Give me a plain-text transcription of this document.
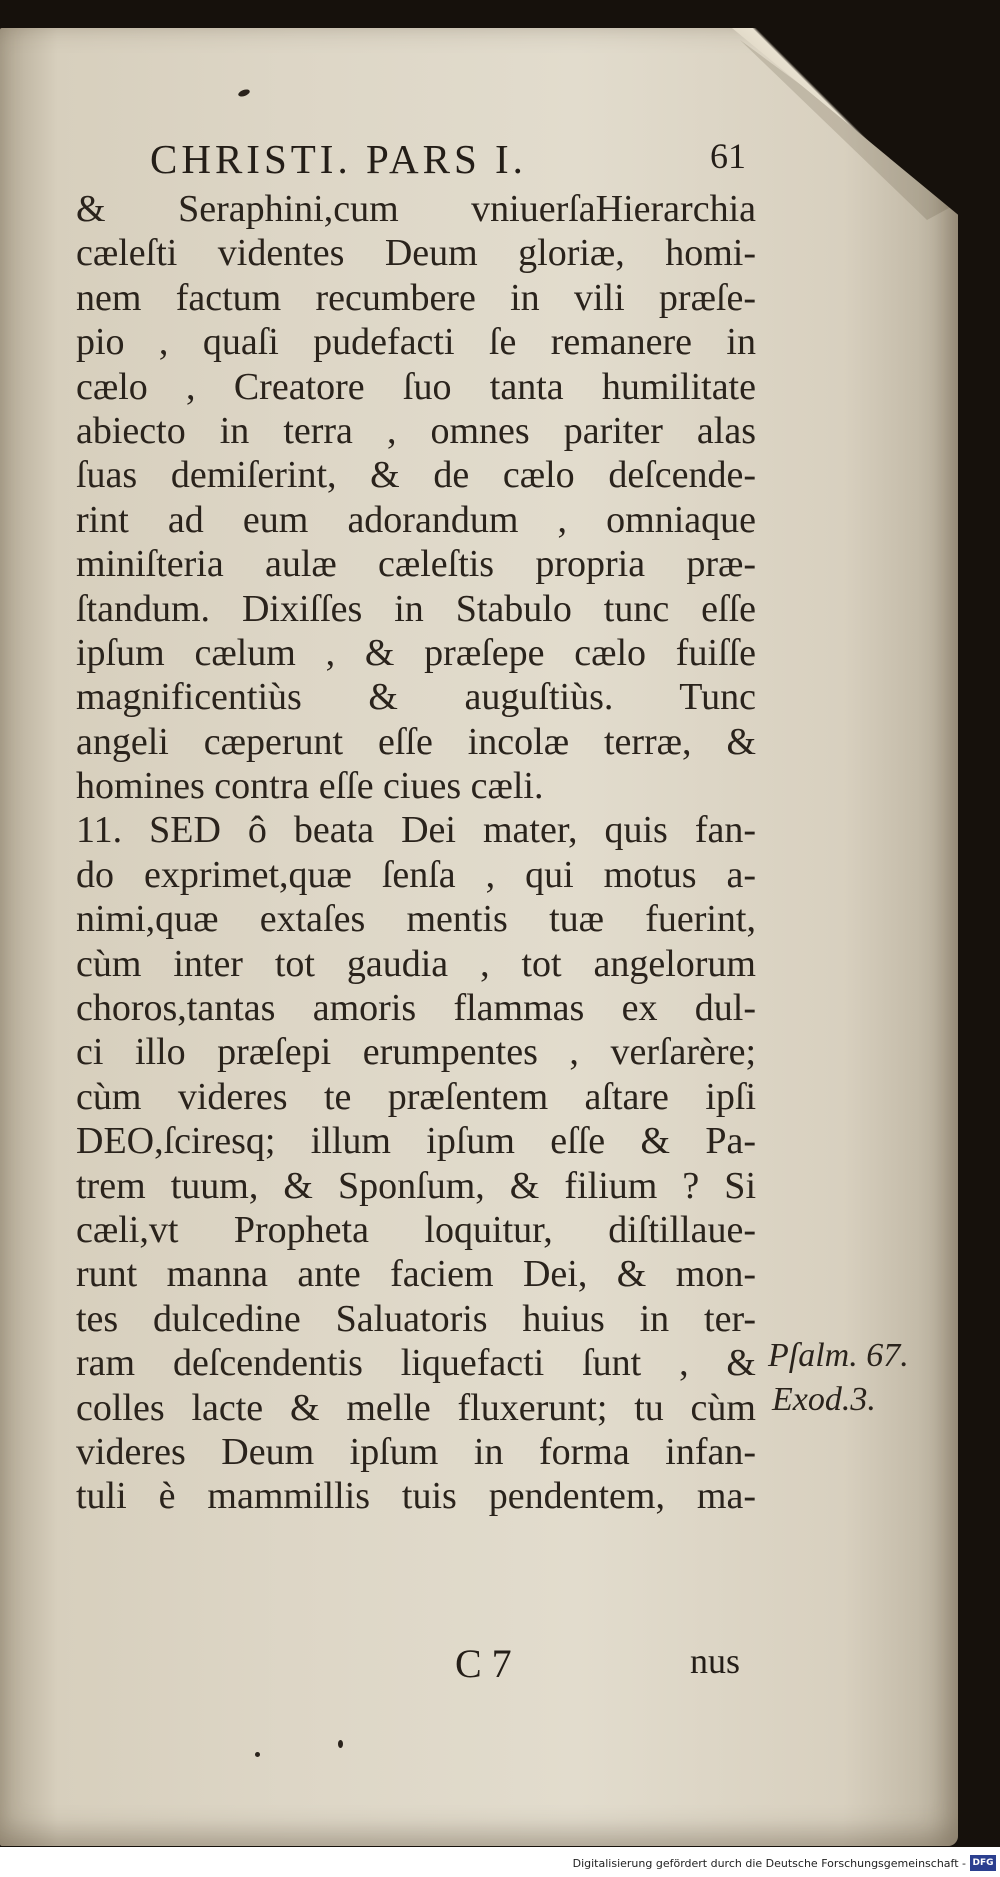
CHRISTI. PARS I.	61
& Seraphini,cum vniuerſaHierarchia
cæleſti videntes Deum gloriæ, homi-
nem factum recumbere in vili præſe-
pio , quaſi pudefacti ſe remanere in
cælo , Creatore ſuo tanta humilitate
abiecto in terra , omnes pariter alas
ſuas demiſerint, & de cælo deſcende-
rint ad eum adorandum , omniaque
miniſteria aulæ cæleſtis propria præ-
ſtandum. Dixiſſes in Stabulo tunc eſſe
ipſum cælum , & præſepe cælo fuiſſe
magnificentiùs & auguſtiùs. Tunc
angeli cæperunt eſſe incolæ terræ, &
homines contra eſſe ciues cæli.
11. SED ô beata Dei mater, quis fan-
do exprimet,quæ ſenſa , qui motus a-
nimi,quæ extaſes mentis tuæ fuerint,
cùm inter tot gaudia , tot angelorum
choros,tantas amoris flammas ex dul-
ci illo præſepi erumpentes , verſarère;
cùm videres te præſentem aſtare ipſi
DEO,ſciresq; illum ipſum eſſe & Pa-
trem tuum, & Sponſum, & filium ? Si
cæli,vt Propheta loquitur, diſtillaue-
runt manna ante faciem Dei, & mon-
tes dulcedine Saluatoris huius in ter-
ram deſcendentis liquefacti ſunt , &
colles lacte & melle fluxerunt; tu cùm
videres Deum ipſum in forma infan-
tuli è mammillis tuis pendentem, ma-
Pſalm. 67.
Exod.3.
C 7	nus
Digitalisierung gefördert durch die Deutsche Forschungsgemeinschaft - DFG
